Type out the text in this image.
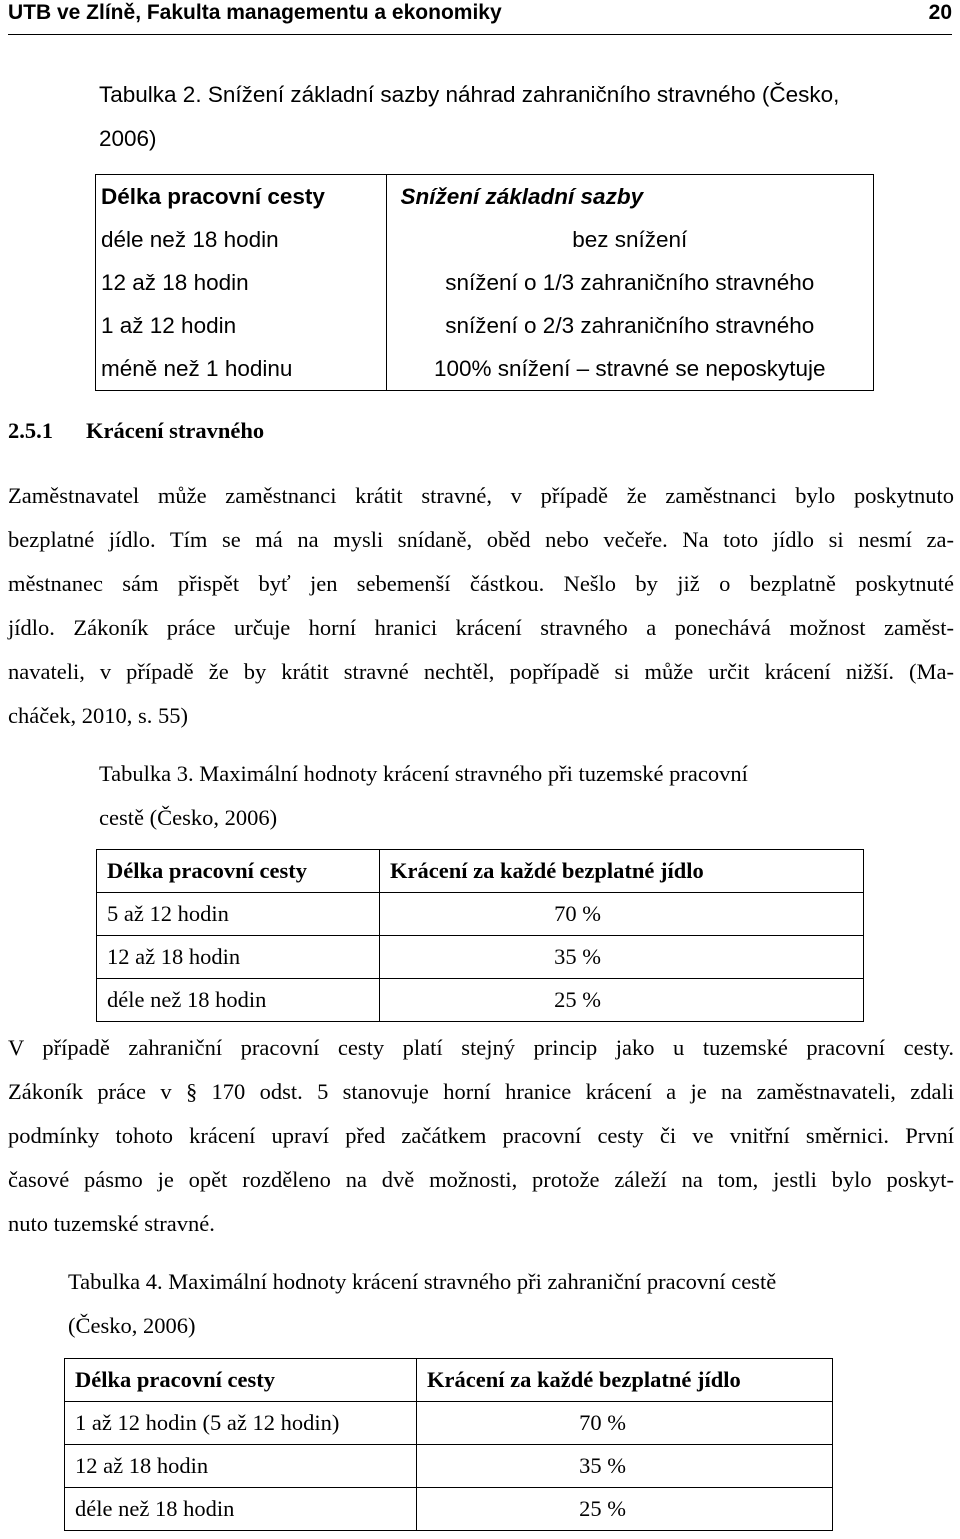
UTB ve Zlíně, Fakulta managementu a ekonomiky	20
Tabulka 2. Snížení základní sazby náhrad zahraničního stravného (Česko,
2006)
Délka pracovní cesty	Snížení základní sazby
déle než 18 hodin	bez snížení
12 až 18 hodin	snížení o 1/3 zahraničního stravného
1 až 12 hodin	snížení o 2/3 zahraničního stravného
méně než 1 hodinu	100% snížení – stravné se neposkytuje
2.5.1 Krácení stravného
Zaměstnavatel může zaměstnanci krátit stravné, v případě že zaměstnanci bylo poskytnuto
bezplatné jídlo. Tím se má na mysli snídaně, oběd nebo večeře. Na toto jídlo si nesmí za-
městnanec sám přispět byť jen sebemenší částkou. Nešlo by již o bezplatně poskytnuté
jídlo. Zákoník práce určuje horní hranici krácení stravného a ponechává možnost zaměst-
navateli, v případě že by krátit stravné nechtěl, popřípadě si může určit krácení nižší. (Ma-
cháček, 2010, s. 55)
Tabulka 3. Maximální hodnoty krácení stravného při tuzemské pracovní
cestě (Česko, 2006)
Délka pracovní cesty	Krácení za každé bezplatné jídlo
5 až 12 hodin	70 %
12 až 18 hodin	35 %
déle než 18 hodin	25 %
V případě zahraniční pracovní cesty platí stejný princip jako u tuzemské pracovní cesty.
Zákoník práce v § 170 odst. 5 stanovuje horní hranice krácení a je na zaměstnavateli, zdali
podmínky tohoto krácení upraví před začátkem pracovní cesty či ve vnitřní směrnici. První
časové pásmo je opět rozděleno na dvě možnosti, protože záleží na tom, jestli bylo poskyt-
nuto tuzemské stravné.
Tabulka 4. Maximální hodnoty krácení stravného při zahraniční pracovní cestě
(Česko, 2006)
Délka pracovní cesty	Krácení za každé bezplatné jídlo
1 až 12 hodin (5 až 12 hodin)	70 %
12 až 18 hodin	35 %
déle než 18 hodin	25 %
